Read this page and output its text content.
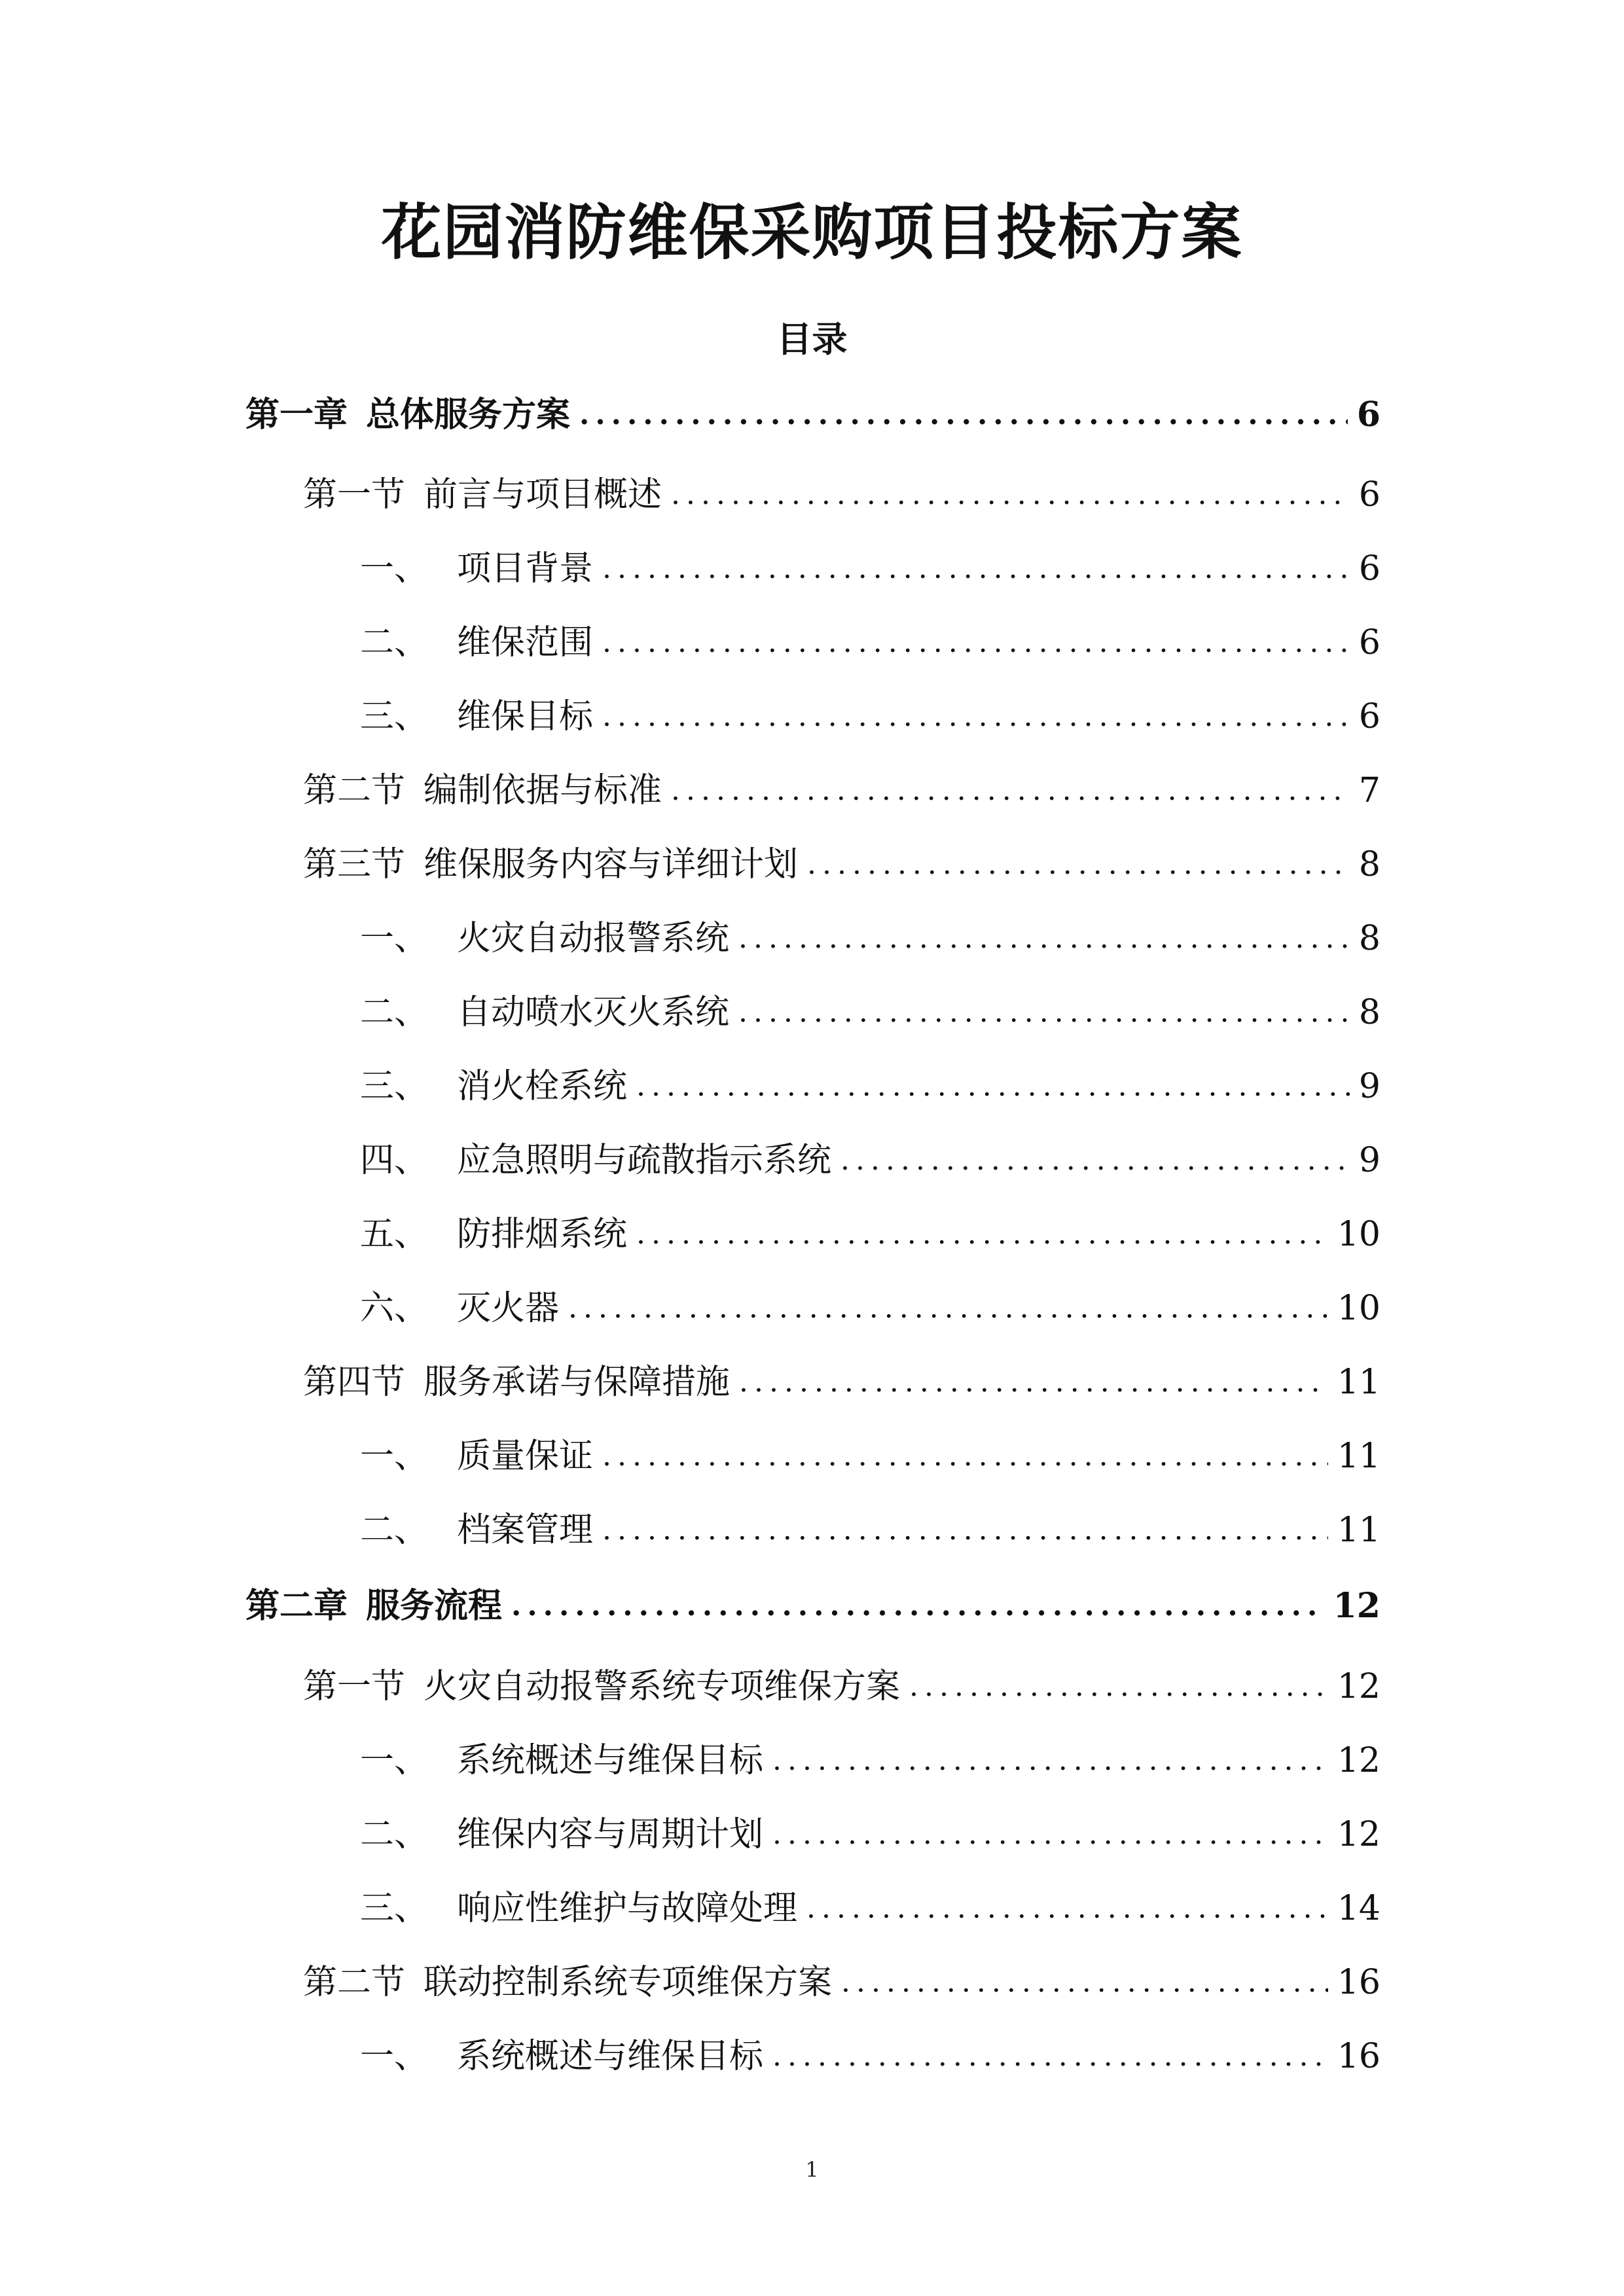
花园消防维保采购项目投标方案
目录
第一章 总体服务方案 .....	6
第一节 前言与项目概述 .....	6
一、 项目背景 .....	6
二、 维保范围 .....	6
三、 维保目标 .....	6
第二节 编制依据与标准 .....	7
第三节 维保服务内容与详细计划 .....	8
一、 火灾自动报警系统 .....	8
二、 自动喷水灭火系统 .....	8
三、 消火栓系统 .....	9
四、 应急照明与疏散指示系统 .....	9
五、 防排烟系统 .....	10
六、 灭火器 .....	10
第四节 服务承诺与保障措施 .....	11
一、 质量保证 .....	11
二、 档案管理 .....	11
第二章 服务流程 .....	12
第一节 火灾自动报警系统专项维保方案 .....	12
一、 系统概述与维保目标 .....	12
二、 维保内容与周期计划 .....	12
三、 响应性维护与故障处理 .....	14
第二节 联动控制系统专项维保方案 .....	16
一、 系统概述与维保目标 .....	16
1
